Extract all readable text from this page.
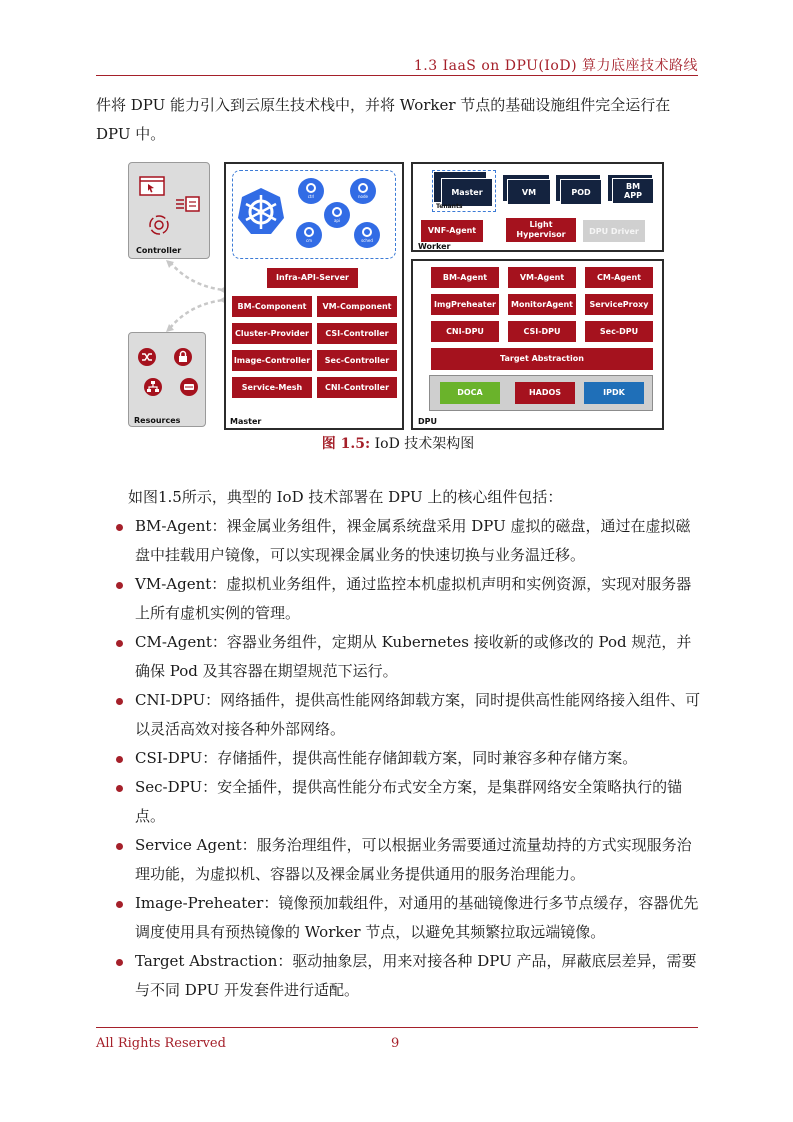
1.3 IaaS on DPU(IoD) 算力底座技术路线
件将 DPU 能力引入到云原生技术栈中，并将 Worker 节点的基础设施组件完全运行在 DPU 中。
Controller
Resources
ctrl	node
api
cm	sched
Infra-API-Server
BM-Component	VM-Component
Cluster-Provider	CSI-Controller
Image-Controller	Sec-Controller
Service-Mesh	CNI-Controller
Master
Master
Tenants
VM	POD
BM APP
VNF-Agent
Light Hypervisor	DPU Driver
Worker
BM-Agent	VM-Agent	CM-Agent
ImgPreheater	MonitorAgent	ServiceProxy
CNI-DPU	CSI-DPU	Sec-DPU
Target Abstraction
DOCA	HADOS	IPDK
DPU
图 1.5: IoD 技术架构图
如图1.5所示，典型的 IoD 技术部署在 DPU 上的核心组件包括：
BM-Agent：裸金属业务组件，裸金属系统盘采用 DPU 虚拟的磁盘，通过在虚拟磁盘中挂载用户镜像，可以实现裸金属业务的快速切换与业务温迁移。
VM-Agent：虚拟机业务组件，通过监控本机虚拟机声明和实例资源，实现对服务器上所有虚机实例的管理。
CM-Agent：容器业务组件，定期从 Kubernetes 接收新的或修改的 Pod 规范，并确保 Pod 及其容器在期望规范下运行。
CNI-DPU：网络插件，提供高性能网络卸载方案，同时提供高性能网络接入组件、可以灵活高效对接各种外部网络。
CSI-DPU：存储插件，提供高性能存储卸载方案，同时兼容多种存储方案。
Sec-DPU：安全插件，提供高性能分布式安全方案，是集群网络安全策略执行的锚点。
Service Agent：服务治理组件，可以根据业务需要通过流量劫持的方式实现服务治理功能，为虚拟机、容器以及裸金属业务提供通用的服务治理能力。
Image-Preheater：镜像预加载组件，对通用的基础镜像进行多节点缓存，容器优先调度使用具有预热镜像的 Worker 节点，以避免其频繁拉取远端镜像。
Target Abstraction：驱动抽象层，用来对接各种 DPU 产品，屏蔽底层差异，需要与不同 DPU 开发套件进行适配。
All Rights Reserved	9
